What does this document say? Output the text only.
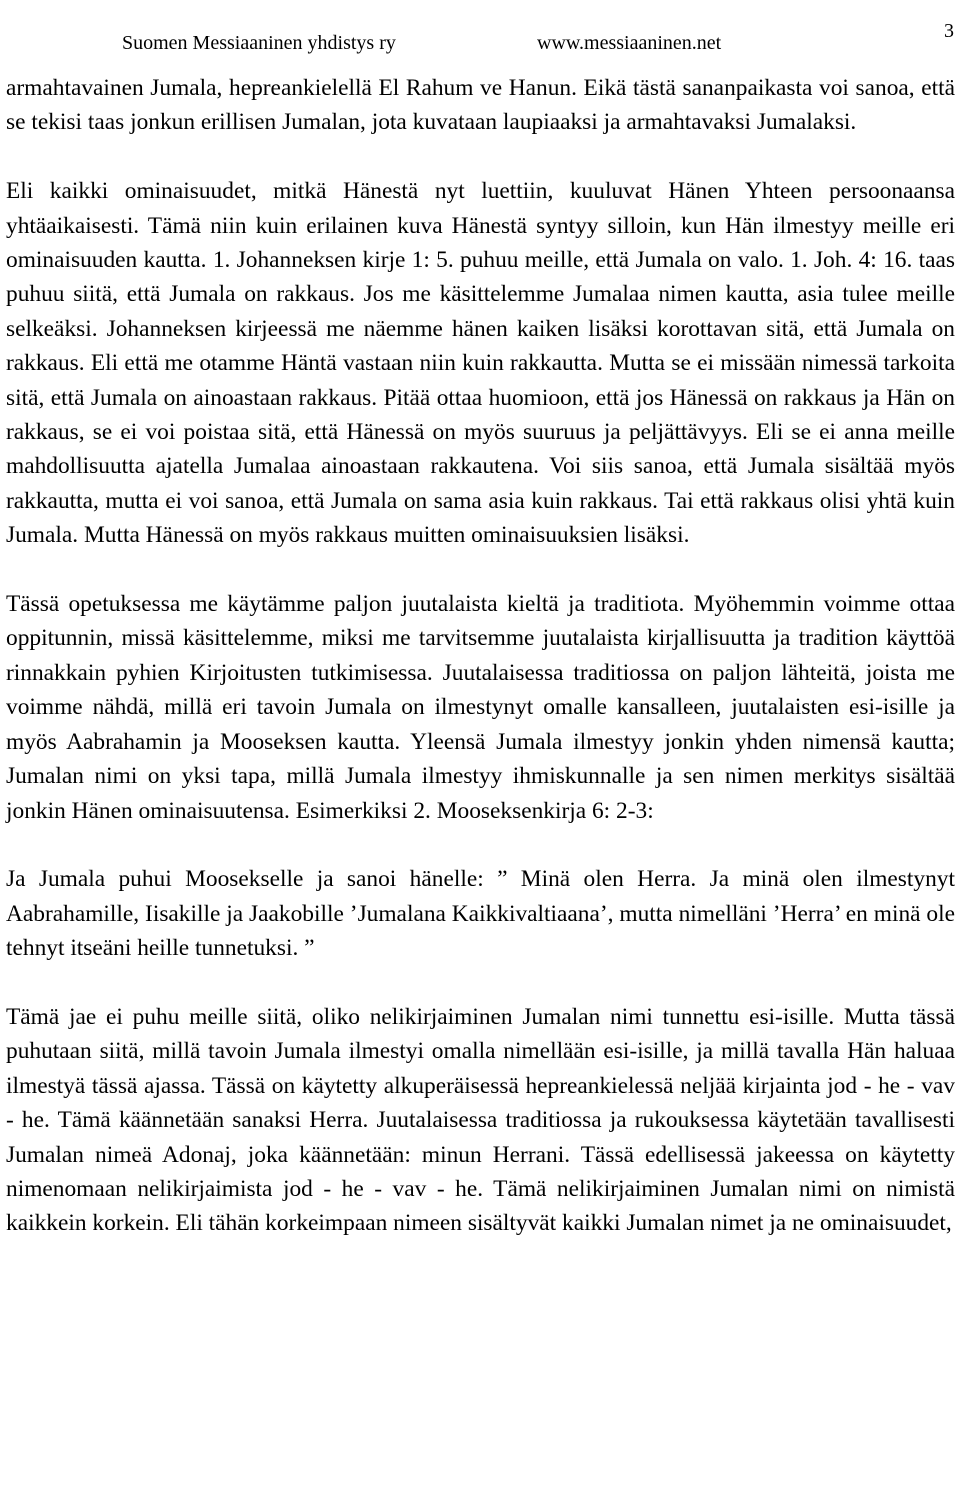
Suomen Messiaaninen yhdistys ry	www.messiaaninen.net
3

armahtavainen Jumala, hepreankielellä El Rahum ve Hanun. Eikä tästä sananpaikasta voi sanoa, että se tekisi taas jonkun erillisen Jumalan, jota kuvataan laupiaaksi ja armahtavaksi Jumalaksi.

Eli kaikki ominaisuudet, mitkä Hänestä nyt luettiin, kuuluvat Hänen Yhteen persoonaansa yhtäaikaisesti. Tämä niin kuin erilainen kuva Hänestä syntyy silloin, kun Hän ilmestyy meille eri ominaisuuden kautta. 1. Johanneksen kirje 1: 5. puhuu meille, että Jumala on valo. 1. Joh. 4: 16. taas puhuu siitä, että Jumala on rakkaus. Jos me käsittelemme Jumalaa nimen kautta, asia tulee meille selkeäksi. Johanneksen kirjeessä me näemme hänen kaiken lisäksi korottavan sitä, että Jumala on rakkaus. Eli että me otamme Häntä vastaan niin kuin rakkautta. Mutta se ei missään nimessä tarkoita sitä, että Jumala on ainoastaan rakkaus. Pitää ottaa huomioon, että jos Hänessä on rakkaus ja Hän on rakkaus, se ei voi poistaa sitä, että Hänessä on myös suuruus ja peljättävyys. Eli se ei anna meille mahdollisuutta ajatella Jumalaa ainoastaan rakkautena. Voi siis sanoa, että Jumala sisältää myös rakkautta, mutta ei voi sanoa, että Jumala on sama asia kuin rakkaus. Tai että rakkaus olisi yhtä kuin Jumala. Mutta Hänessä on myös rakkaus muitten ominaisuuksien lisäksi.

Tässä opetuksessa me käytämme paljon juutalaista kieltä ja traditiota. Myöhemmin voimme ottaa oppitunnin, missä käsittelemme, miksi me tarvitsemme juutalaista kirjallisuutta ja tradition käyttöä rinnakkain pyhien Kirjoitusten tutkimisessa. Juutalaisessa traditiossa on paljon lähteitä, joista me voimme nähdä, millä eri tavoin Jumala on ilmestynyt omalle kansalleen, juutalaisten esi-isille ja myös Aabrahamin ja Mooseksen kautta. Yleensä Jumala ilmestyy jonkin yhden nimensä kautta; Jumalan nimi on yksi tapa, millä Jumala ilmestyy ihmiskunnalle ja sen nimen merkitys sisältää jonkin Hänen ominaisuutensa. Esimerkiksi 2. Mooseksenkirja 6: 2-3:

Ja Jumala puhui Moosekselle ja sanoi hänelle: ” Minä olen Herra. Ja minä olen ilmestynyt Aabrahamille, Iisakille ja Jaakobille ’Jumalana Kaikkivaltiaana’, mutta nimelläni ’Herra’ en minä ole tehnyt itseäni heille tunnetuksi. ”

Tämä jae ei puhu meille siitä, oliko nelikirjaiminen Jumalan nimi tunnettu esi-isille. Mutta tässä puhutaan siitä, millä tavoin Jumala ilmestyi omalla nimellään esi-isille, ja millä tavalla Hän haluaa ilmestyä tässä ajassa. Tässä on käytetty alkuperäisessä hepreankielessä neljää kirjainta jod - he - vav - he. Tämä käännetään sanaksi Herra. Juutalaisessa traditiossa ja rukouksessa käytetään tavallisesti Jumalan nimeä Adonaj, joka käännetään: minun Herrani. Tässä edellisessä jakeessa on käytetty nimenomaan nelikirjaimista jod - he - vav - he. Tämä nelikirjaiminen Jumalan nimi on nimistä kaikkein korkein. Eli tähän korkeimpaan nimeen sisältyvät kaikki Jumalan nimet ja ne ominaisuudet,
